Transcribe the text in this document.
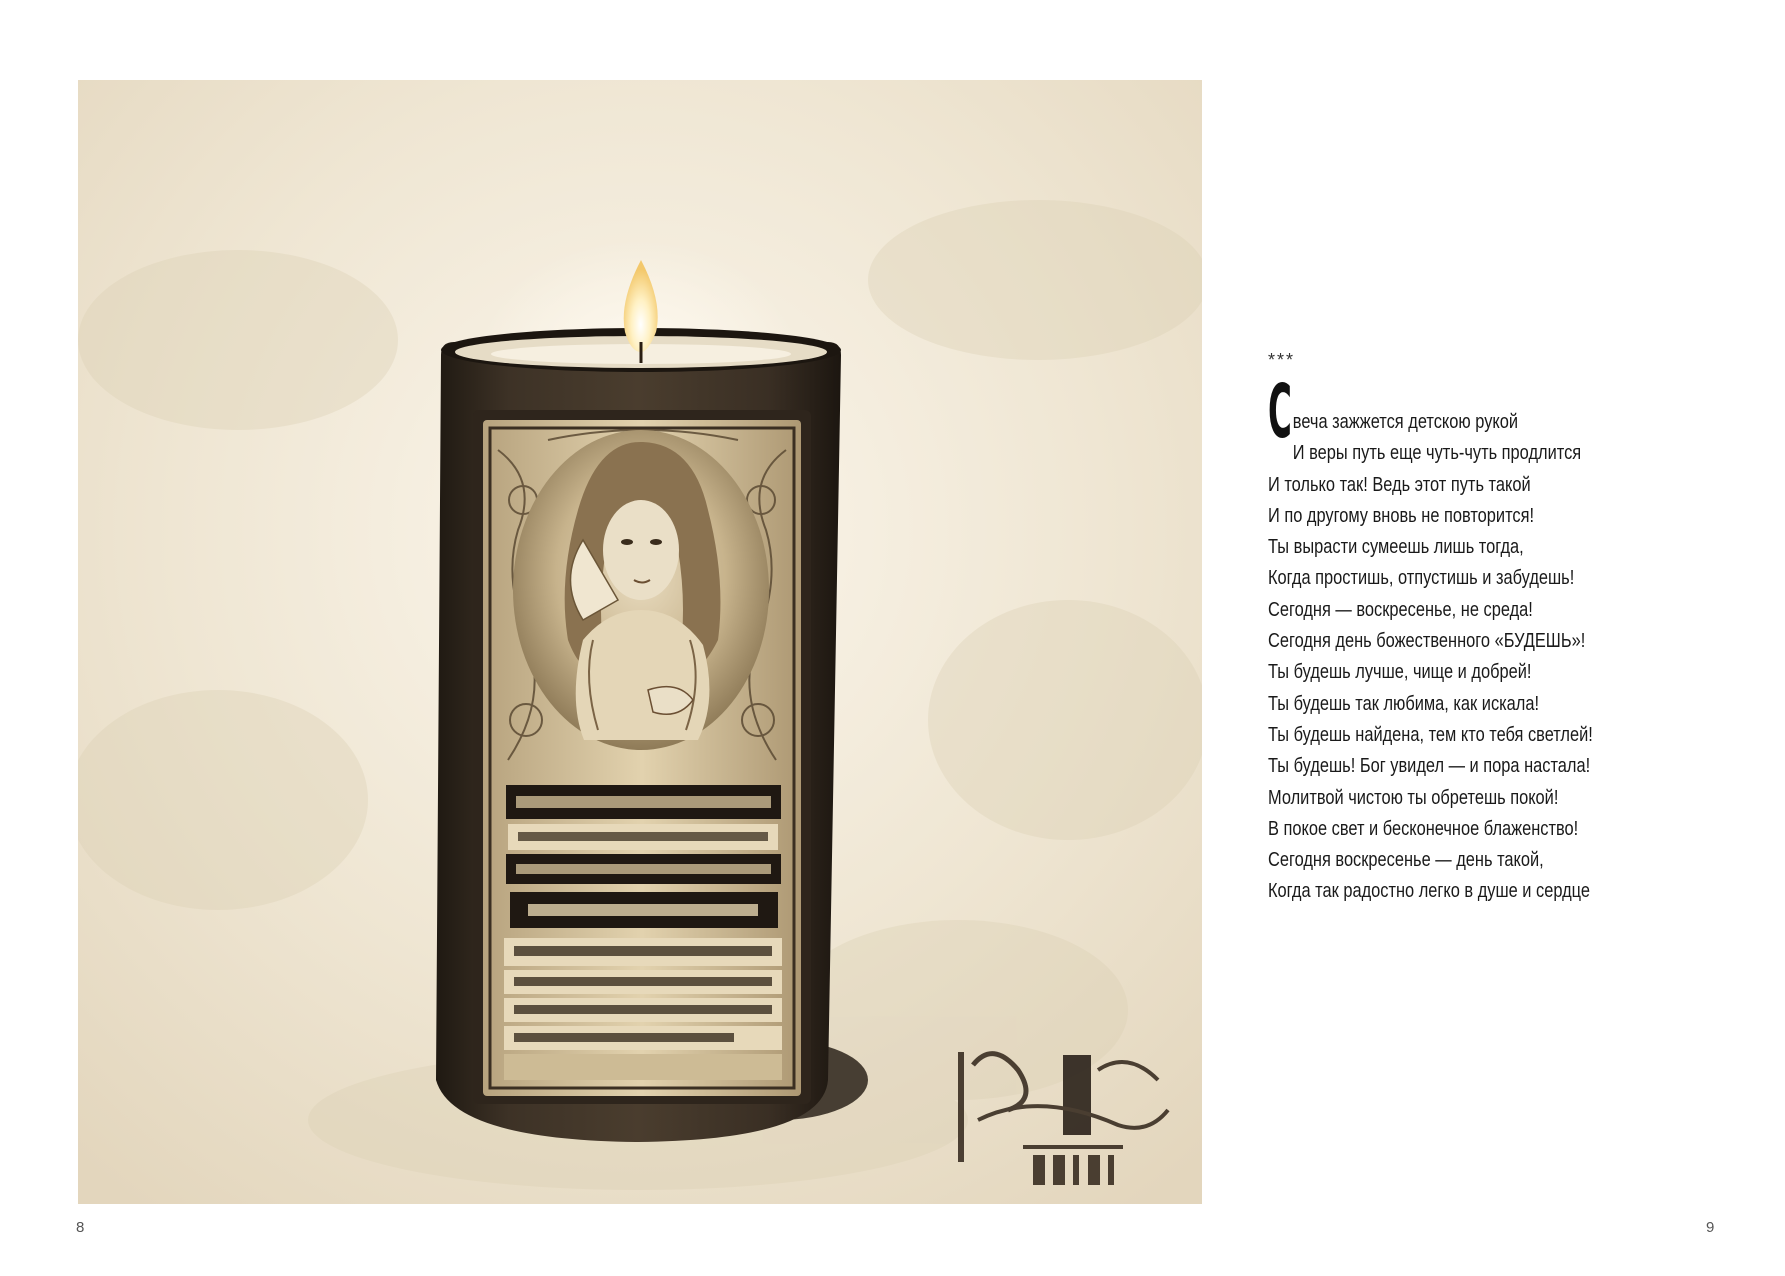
***
С веча зажжется детскою рукой
И веры путь еще чуть-чуть продлится
И только так! Ведь этот путь такой
И по другому вновь не повторится!
Ты вырасти сумеешь лишь тогда,
Когда простишь, отпустишь и забудешь!
Сегодня — воскресенье, не среда!
Сегодня день божественного «БУДЕШЬ»!
Ты будешь лучше, чище и добрей!
Ты будешь так любима, как искала!
Ты будешь найдена, тем кто тебя светлей!
Ты будешь! Бог увидел — и пора настала!
Молитвой чистою ты обретешь покой!
В покое свет и бесконечное блаженство!
Сегодня воскресенье — день такой,
Когда так радостно легко в душе и сердце
8	9
